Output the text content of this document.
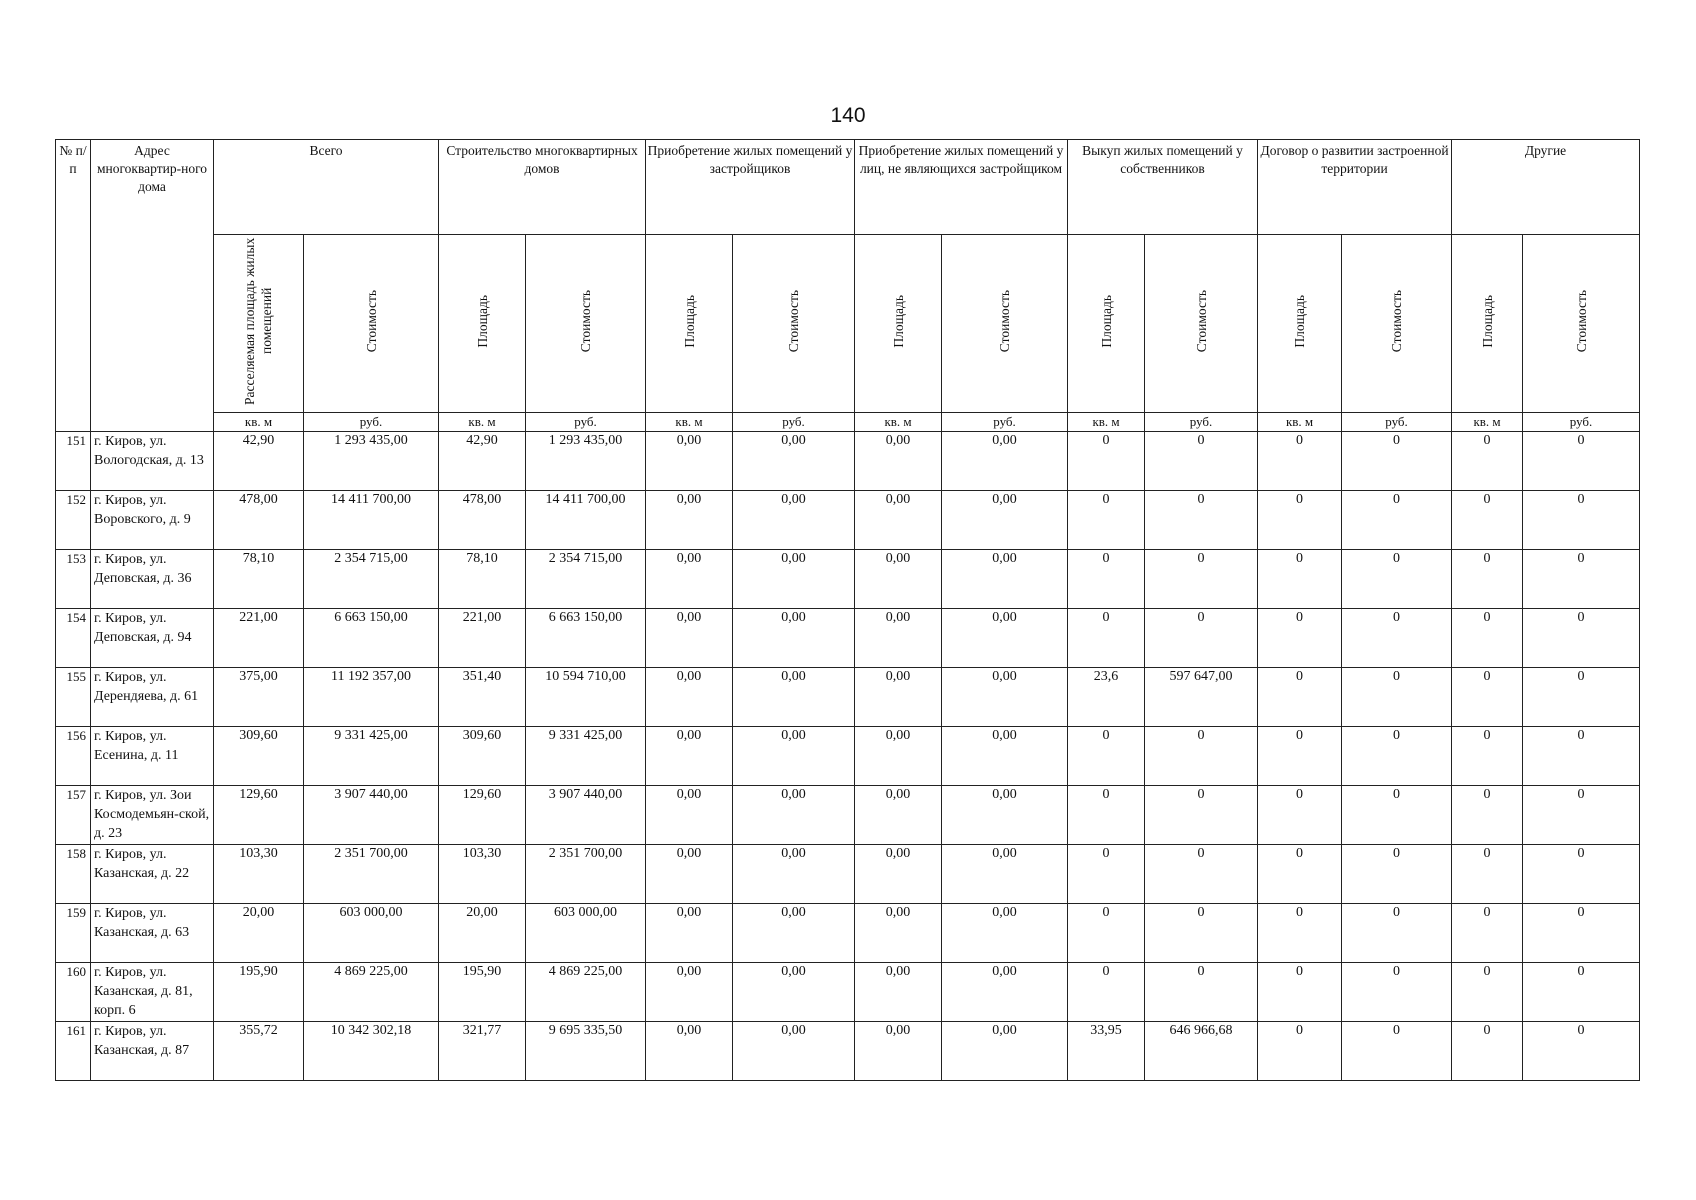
140
№ п/п	Адрес многоквартир-ного дома	Всего		Строительство многоквартирных домов		Приобретение жилых помещений у застройщиков		Приобретение жилых помещений у лиц, не являющихся застройщиком		Выкуп жилых помещений у собственников		Договор о развитии застроенной территории		Другие	
		Расселяемая площадь жилых помещений	Стоимость	Площадь	Стоимость	Площадь	Стоимость	Площадь	Стоимость	Площадь	Стоимость	Площадь	Стоимость	Площадь	Стоимость
		кв. м	руб.	кв. м	руб.	кв. м	руб.	кв. м	руб.	кв. м	руб.	кв. м	руб.	кв. м	руб.
151	г. Киров, ул. Вологодская, д. 13	42,90	1 293 435,00	42,90	1 293 435,00	0,00	0,00	0,00	0,00	0	0	0	0	0	0
152	г. Киров, ул. Воровского, д. 9	478,00	14 411 700,00	478,00	14 411 700,00	0,00	0,00	0,00	0,00	0	0	0	0	0	0
153	г. Киров, ул. Деповская, д. 36	78,10	2 354 715,00	78,10	2 354 715,00	0,00	0,00	0,00	0,00	0	0	0	0	0	0
154	г. Киров, ул. Деповская, д. 94	221,00	6 663 150,00	221,00	6 663 150,00	0,00	0,00	0,00	0,00	0	0	0	0	0	0
155	г. Киров, ул. Дерендяева, д. 61	375,00	11 192 357,00	351,40	10 594 710,00	0,00	0,00	0,00	0,00	23,6	597 647,00	0	0	0	0
156	г. Киров, ул. Есенина, д. 11	309,60	9 331 425,00	309,60	9 331 425,00	0,00	0,00	0,00	0,00	0	0	0	0	0	0
157	г. Киров, ул. Зои Космодемьян-ской, д. 23	129,60	3 907 440,00	129,60	3 907 440,00	0,00	0,00	0,00	0,00	0	0	0	0	0	0
158	г. Киров, ул. Казанская, д. 22	103,30	2 351 700,00	103,30	2 351 700,00	0,00	0,00	0,00	0,00	0	0	0	0	0	0
159	г. Киров, ул. Казанская, д. 63	20,00	603 000,00	20,00	603 000,00	0,00	0,00	0,00	0,00	0	0	0	0	0	0
160	г. Киров, ул. Казанская, д. 81, корп. 6	195,90	4 869 225,00	195,90	4 869 225,00	0,00	0,00	0,00	0,00	0	0	0	0	0	0
161	г. Киров, ул. Казанская, д. 87	355,72	10 342 302,18	321,77	9 695 335,50	0,00	0,00	0,00	0,00	33,95	646 966,68	0	0	0	0
